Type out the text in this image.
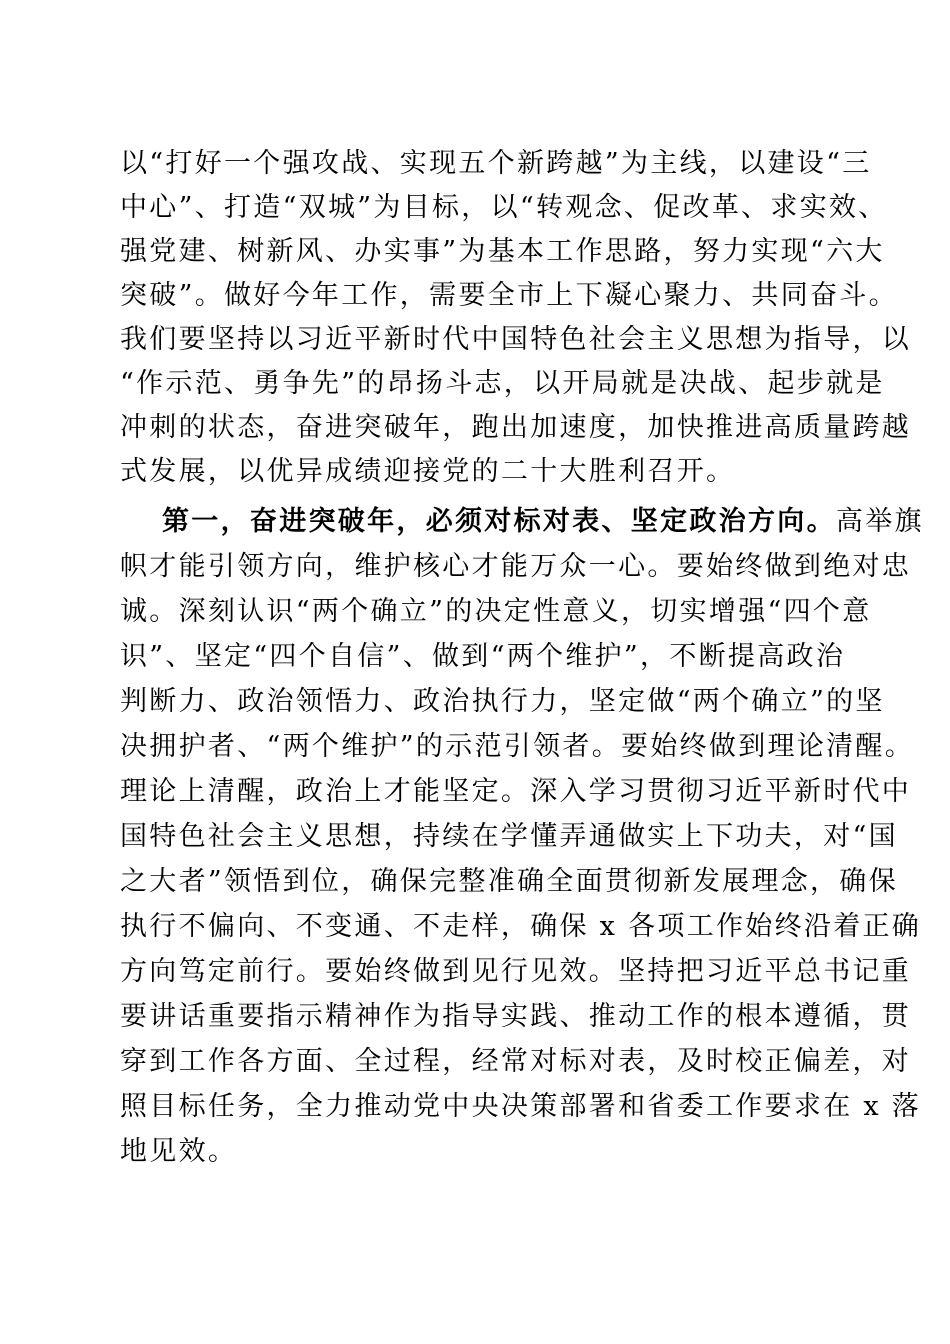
以“打好一个强攻战、实现五个新跨越”为主线，以建设“三
中心”、打造“双城”为目标，以“转观念、促改革、求实效、
强党建、树新风、办实事”为基本工作思路，努力实现“六大
突破”。做好今年工作，需要全市上下凝心聚力、共同奋斗。
我们要坚持以习近平新时代中国特色社会主义思想为指导，以
“作示范、勇争先”的昂扬斗志，以开局就是决战、起步就是
冲刺的状态，奋进突破年，跑出加速度，加快推进高质量跨越
式发展，以优异成绩迎接党的二十大胜利召开。
第一，奋进突破年，必须对标对表、坚定政治方向。高举旗
帜才能引领方向，维护核心才能万众一心。要始终做到绝对忠
诚。深刻认识“两个确立”的决定性意义，切实增强“四个意
识”、坚定“四个自信”、做到“两个维护”，不断提高政治
判断力、政治领悟力、政治执行力，坚定做“两个确立”的坚
决拥护者、“两个维护”的示范引领者。要始终做到理论清醒。
理论上清醒，政治上才能坚定。深入学习贯彻习近平新时代中
国特色社会主义思想，持续在学懂弄通做实上下功夫，对“国
之大者”领悟到位，确保完整准确全面贯彻新发展理念，确保
执行不偏向、不变通、不走样，确保 x 各项工作始终沿着正确
方向笃定前行。要始终做到见行见效。坚持把习近平总书记重
要讲话重要指示精神作为指导实践、推动工作的根本遵循，贯
穿到工作各方面、全过程，经常对标对表，及时校正偏差，对
照目标任务，全力推动党中央决策部署和省委工作要求在 x 落
地见效。
